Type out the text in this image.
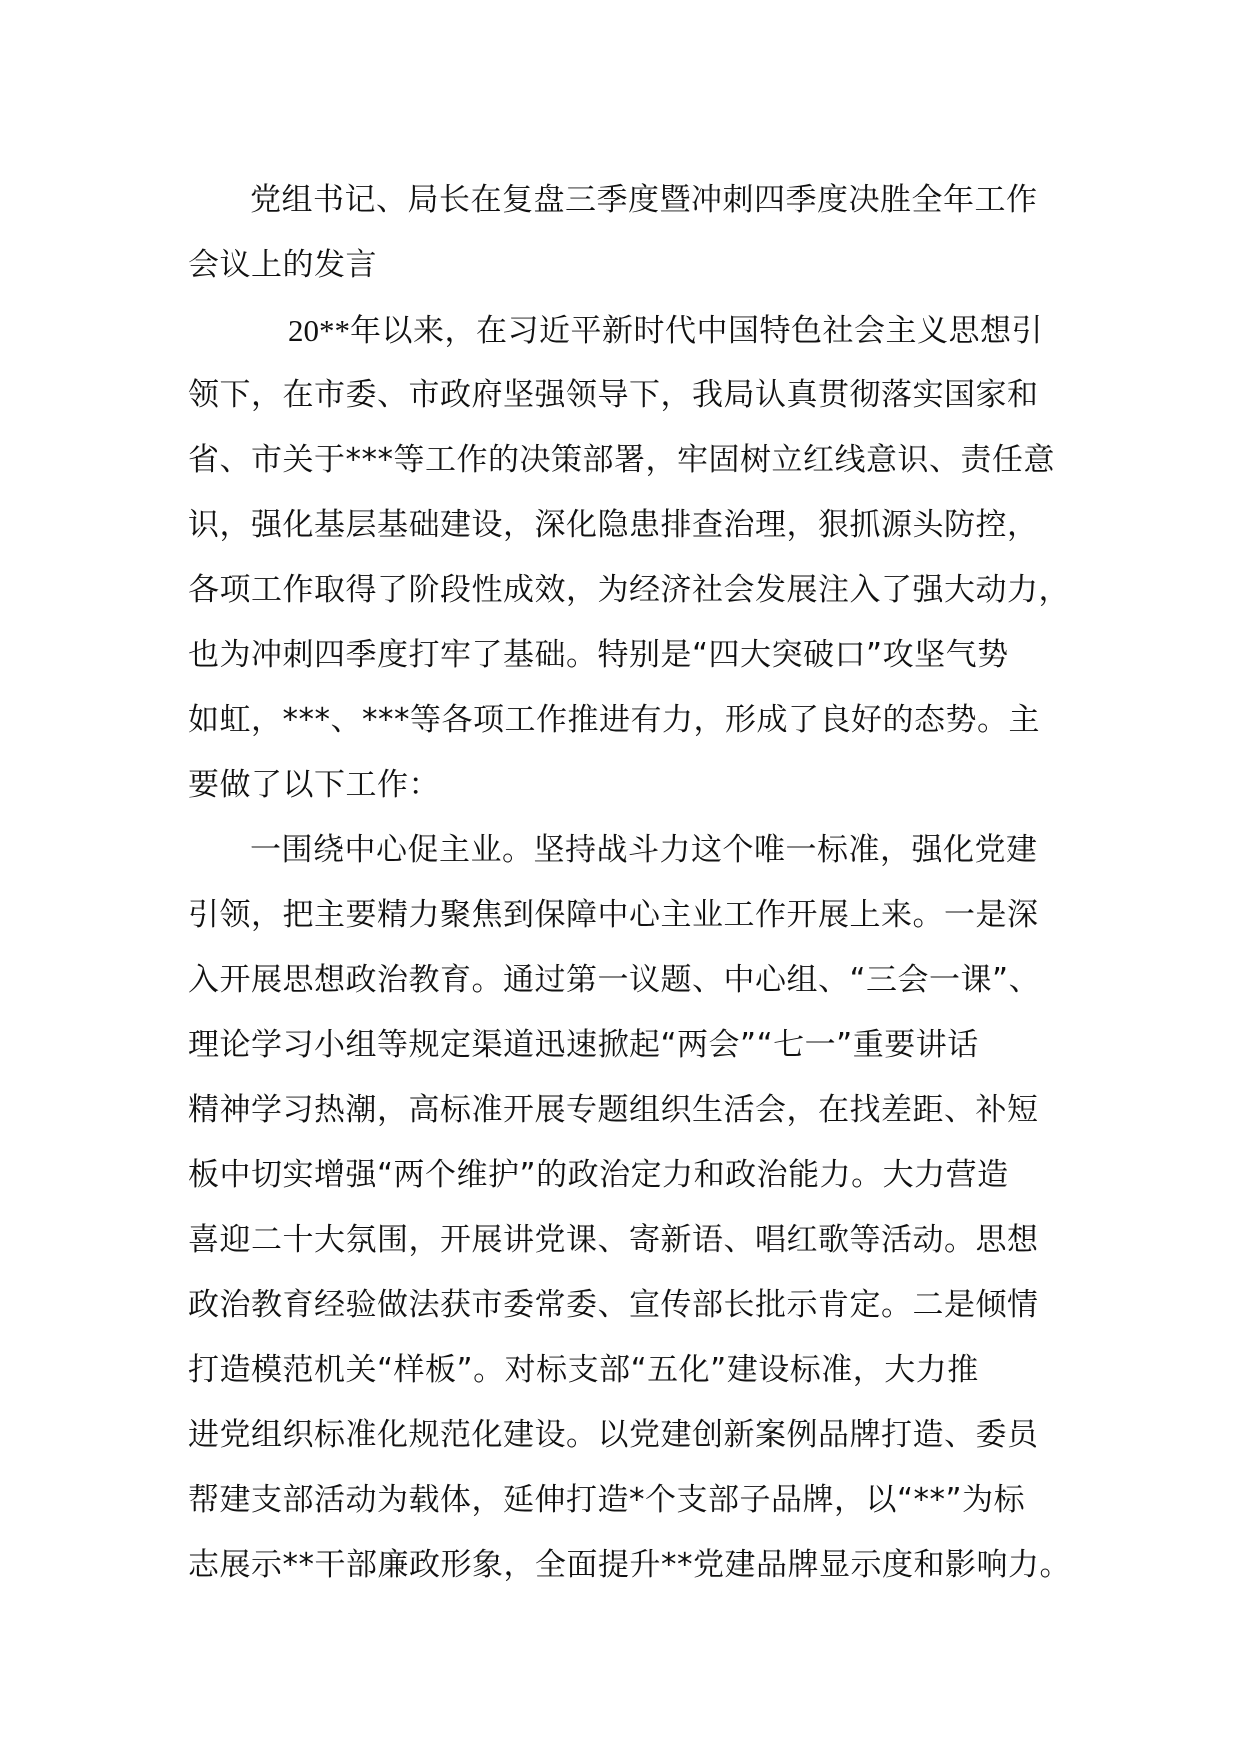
党组书记、局长在复盘三季度暨冲刺四季度决胜全年工作
会议上的发言
20**年以来，在习近平新时代中国特色社会主义思想引
领下，在市委、市政府坚强领导下，我局认真贯彻落实国家和
省、市关于***等工作的决策部署，牢固树立红线意识、责任意
识，强化基层基础建设，深化隐患排查治理，狠抓源头防控，
各项工作取得了阶段性成效，为经济社会发展注入了强大动力，
也为冲刺四季度打牢了基础。特别是“四大突破口”攻坚气势
如虹，***、***等各项工作推进有力，形成了良好的态势。主
要做了以下工作：
一围绕中心促主业。坚持战斗力这个唯一标准，强化党建
引领，把主要精力聚焦到保障中心主业工作开展上来。一是深
入开展思想政治教育。通过第一议题、中心组、“三会一课”、
理论学习小组等规定渠道迅速掀起“两会”“七一”重要讲话
精神学习热潮，高标准开展专题组织生活会，在找差距、补短
板中切实增强“两个维护”的政治定力和政治能力。大力营造
喜迎二十大氛围，开展讲党课、寄新语、唱红歌等活动。思想
政治教育经验做法获市委常委、宣传部长批示肯定。二是倾情
打造模范机关“样板”。对标支部“五化”建设标准，大力推
进党组织标准化规范化建设。以党建创新案例品牌打造、委员
帮建支部活动为载体，延伸打造*个支部子品牌，以“**”为标
志展示**干部廉政形象，全面提升**党建品牌显示度和影响力。
